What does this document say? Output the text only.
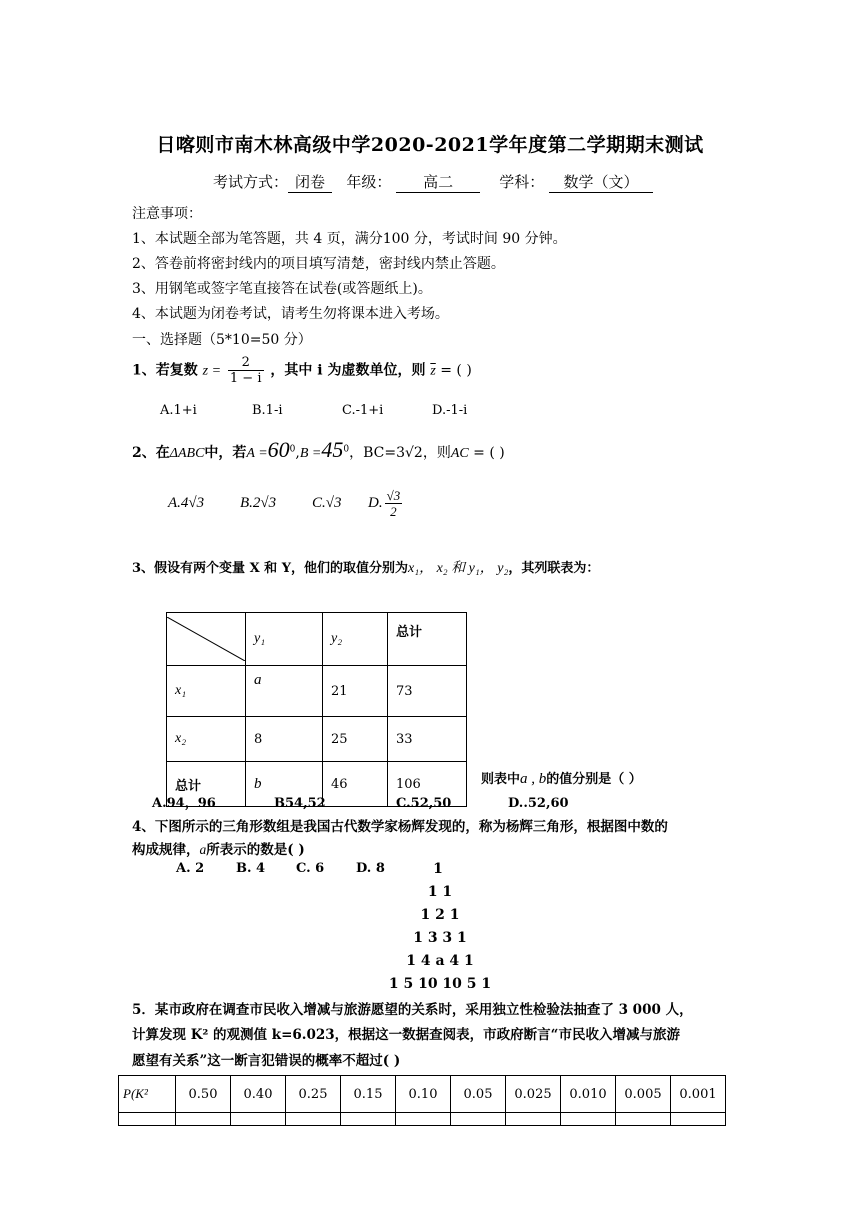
日喀则市南木林高级中学2020-2021学年度第二学期期末测试
考试方式： 闭卷 年级： 高二	学科： 数学（文）
注意事项：
1、本试题全部为笔答题，共 4 页，满分100 分，考试时间 90 分钟。
2、答卷前将密封线内的项目填写清楚，密封线内禁止答题。
3、用钢笔或签字笔直接答在试卷(或答题纸上)。
4、本试题为闭卷考试，请考生勿将课本进入考场。
一、选择题（5*10=50 分）
1、若复数 $z = \frac{2}{1 - i}$ ，其中 i 为虚数单位，则 $\overline{z}$ = ( )
A.1+i	B.1-i	C.-1+i	D.-1-i
2、在ΔABC中，若$A =60^0,B =45^0$，BC=3√2，则AC = ( )
A.4√3 B.2√3 C.√3 D. $\frac{√3}{2}$
3、假设有两个变量 X 和 Y，他们的取值分别为x₁， x₂ 和 y₁， y₂，其列联表为：
	y₁	y₂	总计
x₁	a	21	73
x₂	8	25	33
总计	b	46	106	则表中a , b的值分别是（ ）
A.94，96	B54,52	C.52,50	D..52,60
4、下图所示的三角形数组是我国古代数学家杨辉发现的，称为杨辉三角形，根据图中数的
构成规律，a所表示的数是( )
A. 2 B. 4 C. 6 D. 8	1
1 1
1 2 1
1 3 3 1
1 4 a 4 1
1 5 10 10 5 1
5．某市政府在调查市民收入增减与旅游愿望的关系时，采用独立性检验法抽查了 3 000 人，
计算发现 K² 的观测值 k=6.023，根据这一数据查阅表，市政府断言“市民收入增减与旅游
愿望有关系”这一断言犯错误的概率不超过( )
P(K²	0.50	0.40	0.25	0.15	0.10	0.05	0.025	0.010	0.005	0.001
